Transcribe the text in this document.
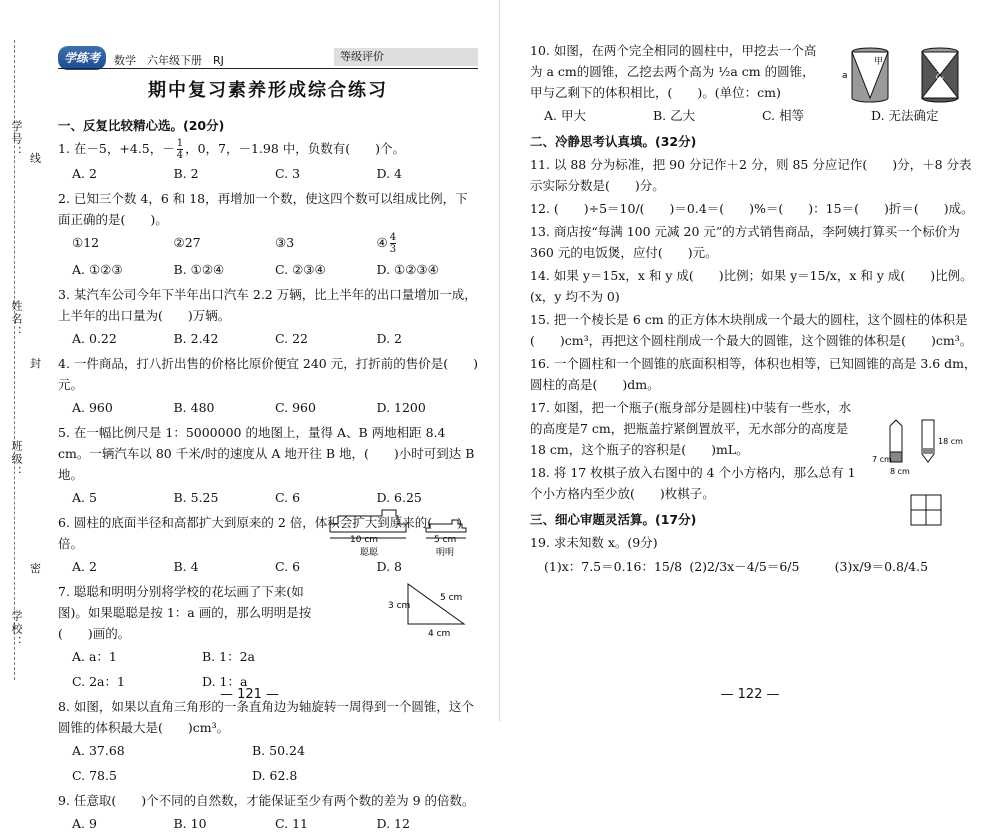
学号：
姓名：
班级：
学校：
线
封
密
学练考	数学　六年级下册　RJ	等级评价
期中复习素养形成综合练习
一、反复比较精心选。(20分)
1. 在－5，+4.5，－ $\frac{1}{4}$ ，0，7，－1.98 中，负数有(　　)个。
A. 2	B. 2	C. 3	D. 4
2. 已知三个数 4，6 和 18，再增加一个数，使这四个数可以组成比例，下面正确的是(　　)。
①12	②27	③3	④ $\frac{4}{3}$
A. ①②③	B. ①②④	C. ②③④	D. ①②③④
3. 某汽车公司今年下半年出口汽车 2.2 万辆，比上半年的出口量增加一成，上半年的出口量为(　　)万辆。
A. 0.22	B. 2.42	C. 22	D. 2
4. 一件商品，打八折出售的价格比原价便宜 240 元，打折前的售价是(　　)元。
A. 960	B. 480	C. 960	D. 1200
5. 在一幅比例尺是 1：5000000 的地图上，量得 A、B 两地相距 8.4 cm。一辆汽车以 80 千米/时的速度从 A 地开往 B 地，(　　)小时可到达 B 地。
A. 5	B. 5.25	C. 6	D. 6.25
6. 圆柱的底面半径和高都扩大到原来的 2 倍，体积会扩大到原来的(　　)倍。
A. 2	B. 4	C. 6	D. 8
7. 聪聪和明明分别将学校的花坛画了下来(如图)。如果聪聪是按 1：a 画的，那么明明是按(　　)画的。
A. a：1	B. 1：2a
C. 2a：1	D. 1：a
10 cm	5 cm
聪聪	明明
8. 如图，如果以直角三角形的一条直角边为轴旋转一周得到一个圆锥，这个圆锥的体积最大是(　　)cm³。
A. 37.68	B. 50.24
C. 78.5	D. 62.8
3 cm
5 cm
4 cm
9. 任意取(　　)个不同的自然数，才能保证至少有两个数的差为 9 的倍数。
A. 9	B. 10	C. 11	D. 12
— 121 —
10. 如图，在两个完全相同的圆柱中，甲挖去一个高为 a cm的圆锥，乙挖去两个高为 ½a cm 的圆锥，甲与乙剩下的体积相比，(　　)。(单位：cm)
A. 甲大	B. 乙大	C. 相等	D. 无法确定
甲
a	乙
二、冷静思考认真填。(32分)
11. 以 88 分为标准，把 90 分记作＋2 分，则 85 分应记作(　　)分，＋8 分表示实际分数是(　　)分。
12. (　　)÷5＝10/(　　)＝0.4＝(　　)%＝(　　)：15＝(　　)折＝(　　)成。
13. 商店按“每满 100 元减 20 元”的方式销售商品，李阿姨打算买一个标价为 360 元的电饭煲，应付(　　)元。
14. 如果 y＝15x，x 和 y 成(　　)比例；如果 y＝15/x，x 和 y 成(　　)比例。(x，y 均不为 0)
15. 把一个棱长是 6 cm 的正方体木块削成一个最大的圆柱，这个圆柱的体积是(　　)cm³，再把这个圆柱削成一个最大的圆锥，这个圆锥的体积是(　　)cm³。
16. 一个圆柱和一个圆锥的底面积相等，体积也相等，已知圆锥的高是 3.6 dm，圆柱的高是(　　)dm。
17. 如图，把一个瓶子(瓶身部分是圆柱)中装有一些水，水的高度是7 cm，把瓶盖拧紧倒置放平，无水部分的高度是 18 cm，这个瓶子的容积是(　　)mL。
18. 将 17 枚棋子放入右图中的 4 个小方格内，那么总有 1 个小方格内至少放(　　)枚棋子。
三、细心审题灵活算。(17分)
19. 求未知数 x。(9分)
(1)x：7.5＝0.16：15/8 (2)2/3x－4/5＝6/5	(3)x/9＝0.8/4.5
7 cm
8 cm
18 cm
— 122 —
